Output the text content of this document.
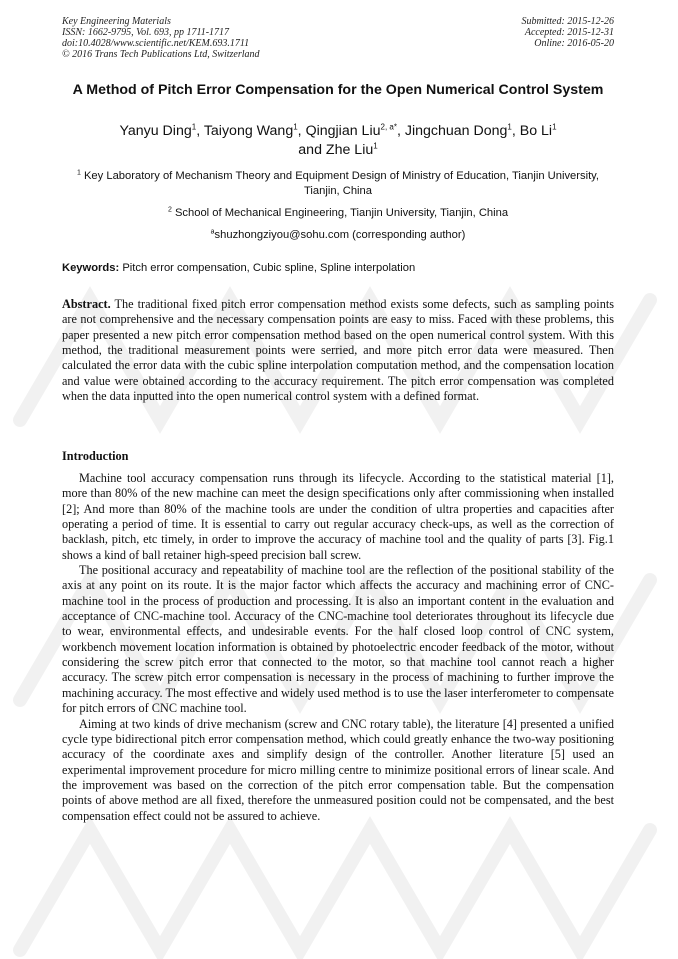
Key Engineering Materials
ISSN: 1662-9795, Vol. 693, pp 1711-1717
doi:10.4028/www.scientific.net/KEM.693.1711
© 2016 Trans Tech Publications Ltd, Switzerland
Submitted: 2015-12-26
Accepted: 2015-12-31
Online: 2016-05-20
A Method of Pitch Error Compensation for the Open Numerical Control System
Yanyu Ding$^1$, Taiyong Wang$^1$, Qingjian Liu$^{2, a*}$, Jingchuan Dong$^1$, Bo Li$^1$
and Zhe Liu$^1$
$^1$ Key Laboratory of Mechanism Theory and Equipment Design of Ministry of Education, Tianjin University, Tianjin, China
$^2$ School of Mechanical Engineering, Tianjin University, Tianjin, China
$^a$shuzhongziyou@sohu.com (corresponding author)
Keywords: Pitch error compensation, Cubic spline, Spline interpolation

Abstract. The traditional fixed pitch error compensation method exists some defects, such as sampling points are not comprehensive and the necessary compensation points are easy to miss. Faced with these problems, this paper presented a new pitch error compensation method based on the open numerical control system. With this method, the traditional measurement points were serried, and more pitch error data were measured. Then calculated the error data with the cubic spline interpolation computation method, and the compensation location and value were obtained according to the accuracy requirement. The pitch error compensation was completed when the data inputted into the open numerical control system with a defined format.

Introduction

Machine tool accuracy compensation runs through its lifecycle. According to the statistical material [1], more than 80% of the new machine can meet the design specifications only after commissioning when installed [2]; And more than 80% of the machine tools are under the condition of ultra properties and capacities after operating a period of time. It is essential to carry out regular accuracy check-ups, as well as the correction of backlash, pitch, etc timely, in order to improve the accuracy of machine tool and the quality of parts [3]. Fig.1 shows a kind of ball retainer high-speed precision ball screw.

The positional accuracy and repeatability of machine tool are the reflection of the positional stability of the axis at any point on its route. It is the major factor which affects the accuracy and machining error of CNC-machine tool in the process of production and processing. It is also an important content in the evaluation and acceptance of CNC-machine tool. Accuracy of the CNC-machine tool deteriorates throughout its lifecycle due to wear, environmental effects, and undesirable events. For the half closed loop control of CNC system, workbench movement location information is obtained by photoelectric encoder feedback of the motor, without considering the screw pitch error that connected to the motor, so that machine tool cannot reach a higher accuracy. The screw pitch error compensation is necessary in the process of machining to further improve the machining accuracy. The most effective and widely used method is to use the laser interferometer to compensate for pitch errors of CNC machine tool.

Aiming at two kinds of drive mechanism (screw and CNC rotary table), the literature [4] presented a unified cycle type bidirectional pitch error compensation method, which could greatly enhance the two-way positioning accuracy of the coordinate axes and simplify design of the controller. Another literature [5] used an experimental improvement procedure for micro milling centre to minimize positional errors of linear scale. And the improvement was based on the correction of the pitch error compensation table. But the compensation points of above method are all fixed, therefore the unmeasured position could not be compensated, and the best compensation effect could not be assured to achieve.
